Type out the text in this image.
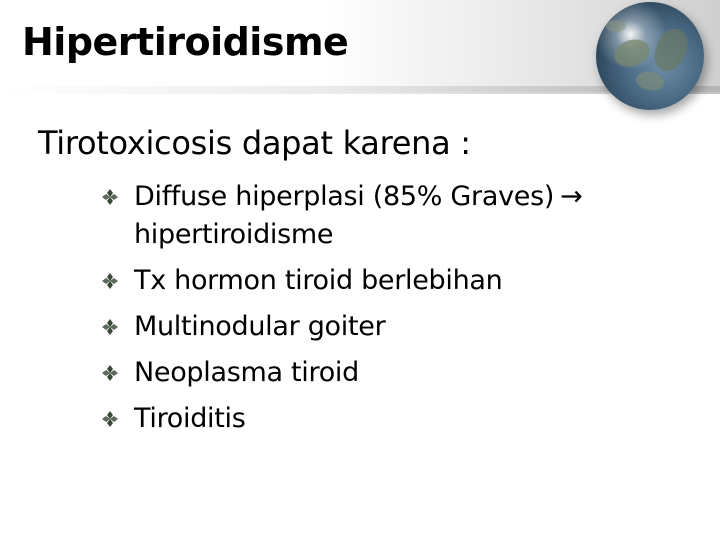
Hipertiroidisme
Tirotoxicosis dapat karena :
Diffuse hiperplasi (85% Graves) →
hipertiroidisme
Tx hormon tiroid berlebihan
Multinodular goiter
Neoplasma tiroid
Tiroiditis
